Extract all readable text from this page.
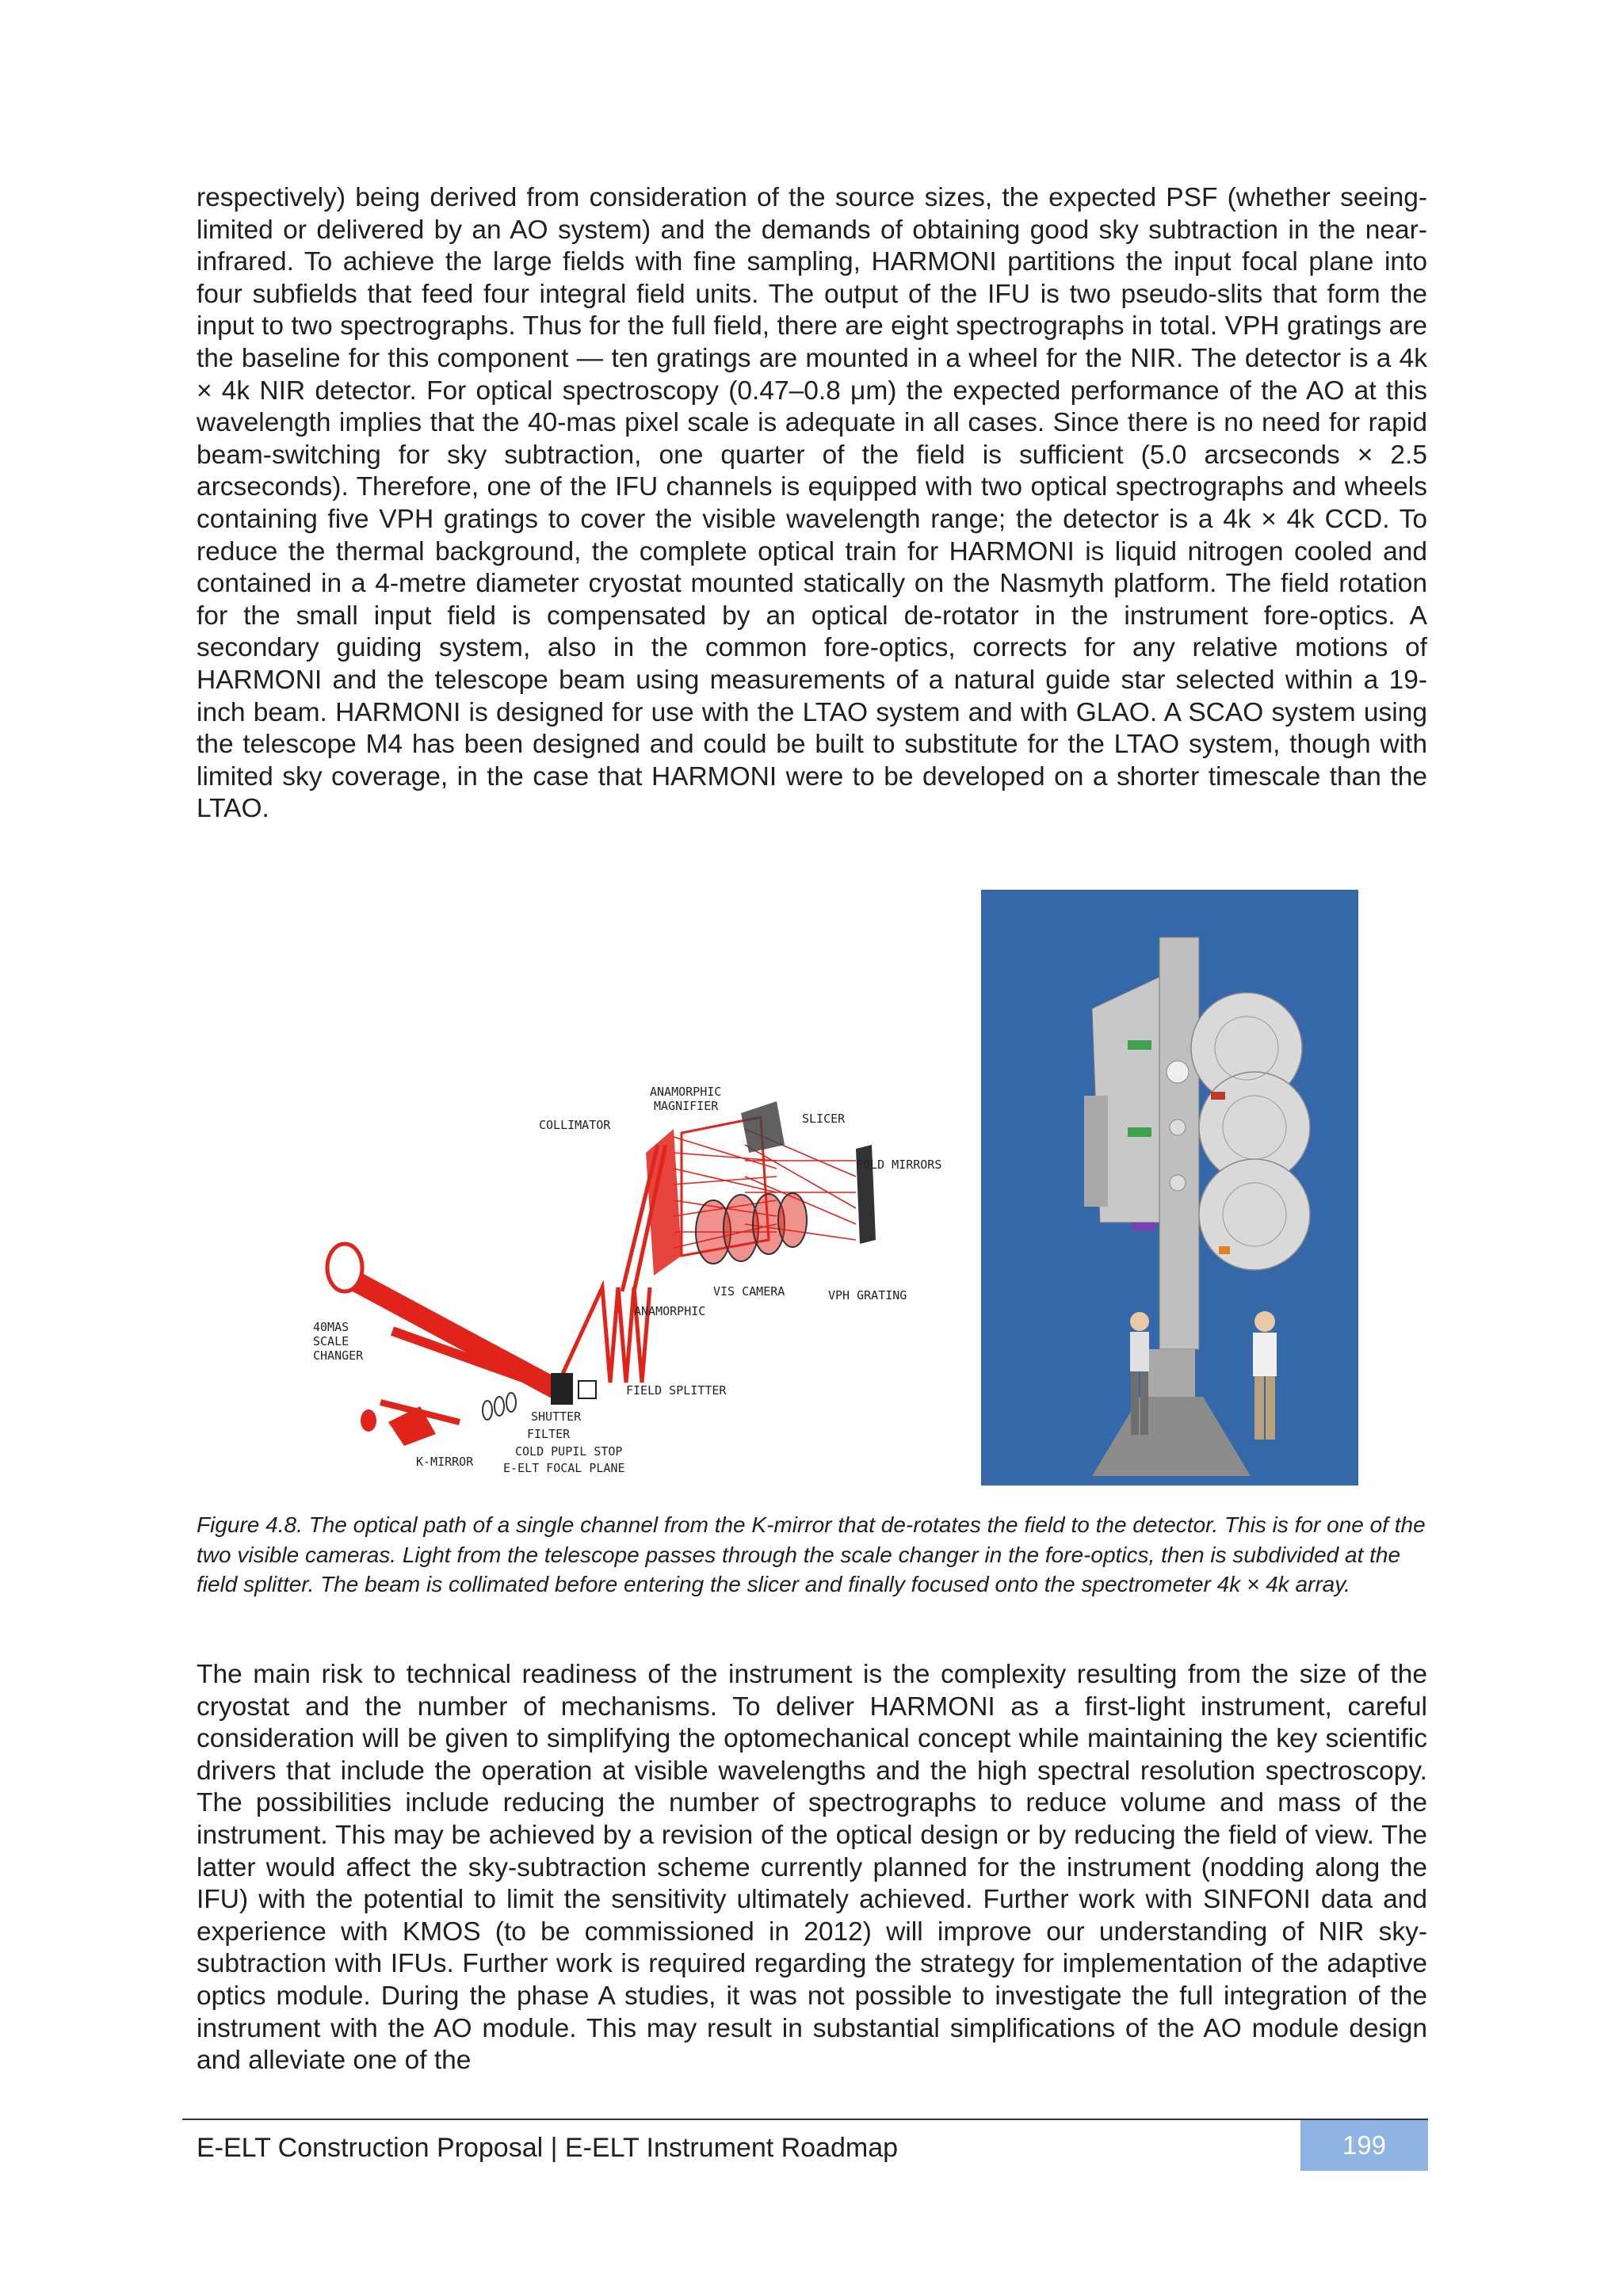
respectively) being derived from consideration of the source sizes, the expected PSF (whether seeing-limited or delivered by an AO system) and the demands of obtaining good sky subtraction in the near-infrared. To achieve the large fields with fine sampling, HARMONI partitions the input focal plane into four subfields that feed four integral field units. The output of the IFU is two pseudo-slits that form the input to two spectrographs. Thus for the full field, there are eight spectrographs in total. VPH gratings are the baseline for this component — ten gratings are mounted in a wheel for the NIR. The detector is a 4k × 4k NIR detector. For optical spectroscopy (0.47–0.8 μm) the expected performance of the AO at this wavelength implies that the 40-mas pixel scale is adequate in all cases. Since there is no need for rapid beam-switching for sky subtraction, one quarter of the field is sufficient (5.0 arcseconds × 2.5 arcseconds). Therefore, one of the IFU channels is equipped with two optical spectrographs and wheels containing five VPH gratings to cover the visible wavelength range; the detector is a 4k × 4k CCD. To reduce the thermal background, the complete optical train for HARMONI is liquid nitrogen cooled and contained in a 4-metre diameter cryostat mounted statically on the Nasmyth platform. The field rotation for the small input field is compensated by an optical de-rotator in the instrument fore-optics. A secondary guiding system, also in the common fore-optics, corrects for any relative motions of HARMONI and the telescope beam using measurements of a natural guide star selected within a 19-inch beam. HARMONI is designed for use with the LTAO system and with GLAO. A SCAO system using the telescope M4 has been designed and could be built to substitute for the LTAO system, though with limited sky coverage, in the case that HARMONI were to be developed on a shorter timescale than the LTAO.

ANAMORPHIC
MAGNIFIER
COLLIMATOR	SLICER
FOLD MIRRORS
VIS CAMERA	VPH GRATING
ANAMORPHIC
40MAS
SCALE
CHANGER
FIELD SPLITTER
SHUTTER
FILTER
COLD PUPIL STOP
K-MIRROR	E-ELT FOCAL PLANE

Figure 4.8. The optical path of a single channel from the K-mirror that de-rotates the field to the detector. This is for one of the two visible cameras. Light from the telescope passes through the scale changer in the fore-optics, then is subdivided at the field splitter. The beam is collimated before entering the slicer and finally focused onto the spectrometer 4k × 4k array.

The main risk to technical readiness of the instrument is the complexity resulting from the size of the cryostat and the number of mechanisms. To deliver HARMONI as a first-light instrument, careful consideration will be given to simplifying the optomechanical concept while maintaining the key scientific drivers that include the operation at visible wavelengths and the high spectral resolution spectroscopy. The possibilities include reducing the number of spectrographs to reduce volume and mass of the instrument. This may be achieved by a revision of the optical design or by reducing the field of view. The latter would affect the sky-subtraction scheme currently planned for the instrument (nodding along the IFU) with the potential to limit the sensitivity ultimately achieved. Further work with SINFONI data and experience with KMOS (to be commissioned in 2012) will improve our understanding of NIR sky-subtraction with IFUs. Further work is required regarding the strategy for implementation of the adaptive optics module. During the phase A studies, it was not possible to investigate the full integration of the instrument with the AO module. This may result in substantial simplifications of the AO module design and alleviate one of the

E-ELT Construction Proposal | E-ELT Instrument Roadmap	199
